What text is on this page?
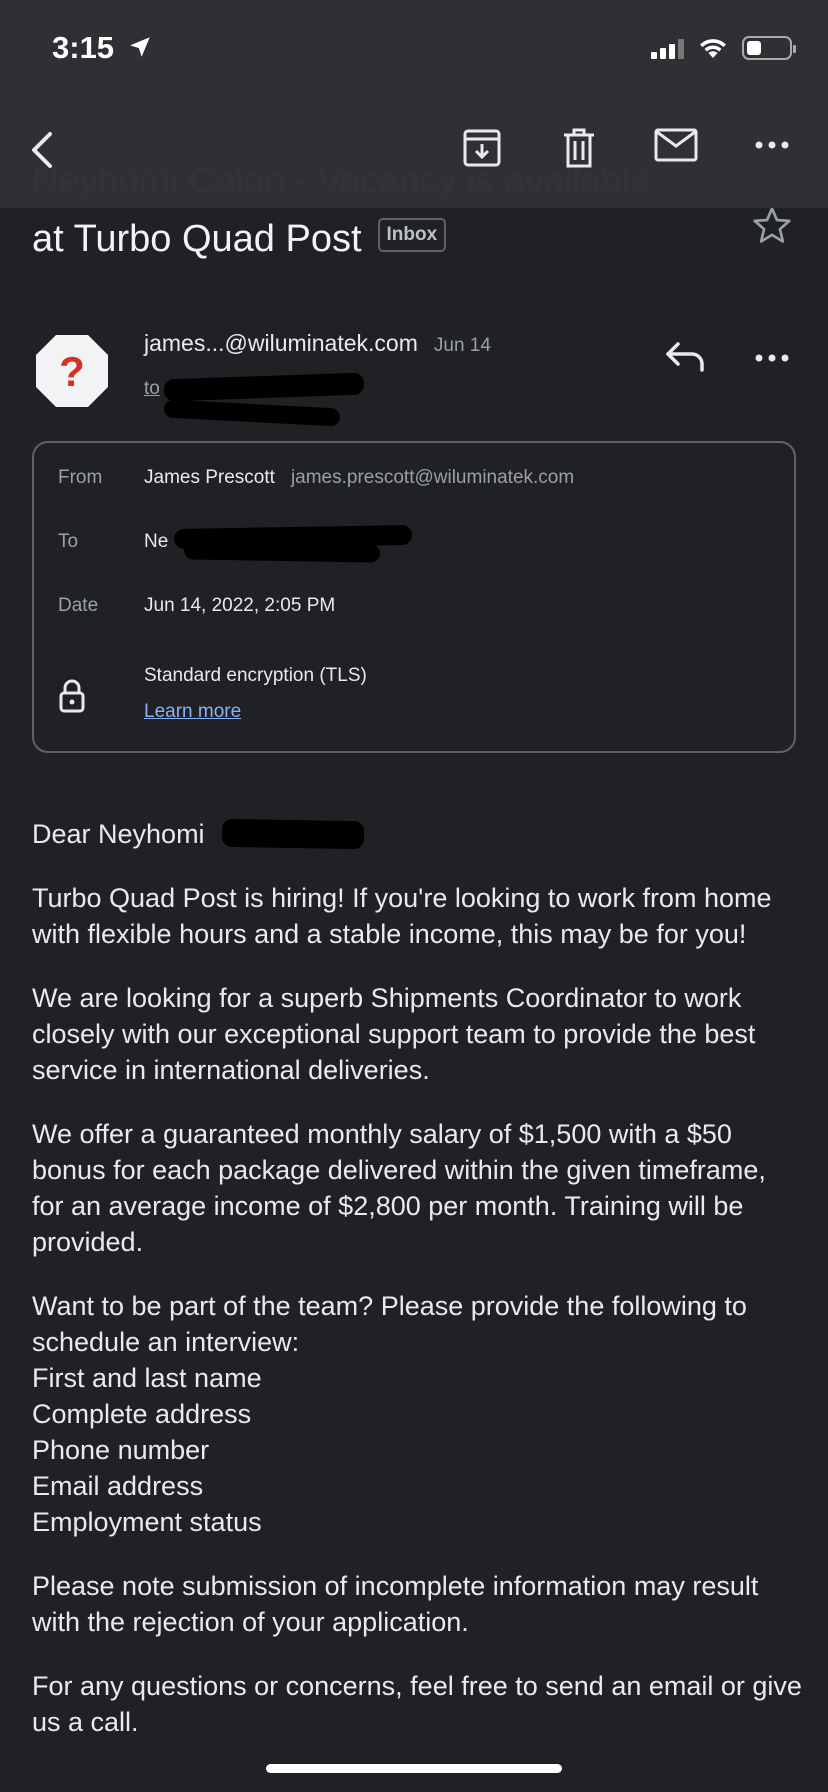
3:15
at Turbo Quad Post Inbox
?
james...@wiluminatek.com Jun 14
to
From James Prescott james.prescott@wiluminatek.com
To	Ne
Date Jun 14, 2022, 2:05 PM
Standard encryption (TLS)
Learn more

Dear Neyhomi

Turbo Quad Post is hiring! If you're looking to work from home with flexible hours and a stable income, this may be for you!

We are looking for a superb Shipments Coordinator to work closely with our exceptional support team to provide the best service in international deliveries.

We offer a guaranteed monthly salary of $1,500 with a $50 bonus for each package delivered within the given timeframe, for an average income of $2,800 per month. Training will be provided.

Want to be part of the team? Please provide the following to schedule an interview:
First and last name
Complete address
Phone number
Email address
Employment status

Please note submission of incomplete information may result with the rejection of your application.

For any questions or concerns, feel free to send an email or give us a call.
